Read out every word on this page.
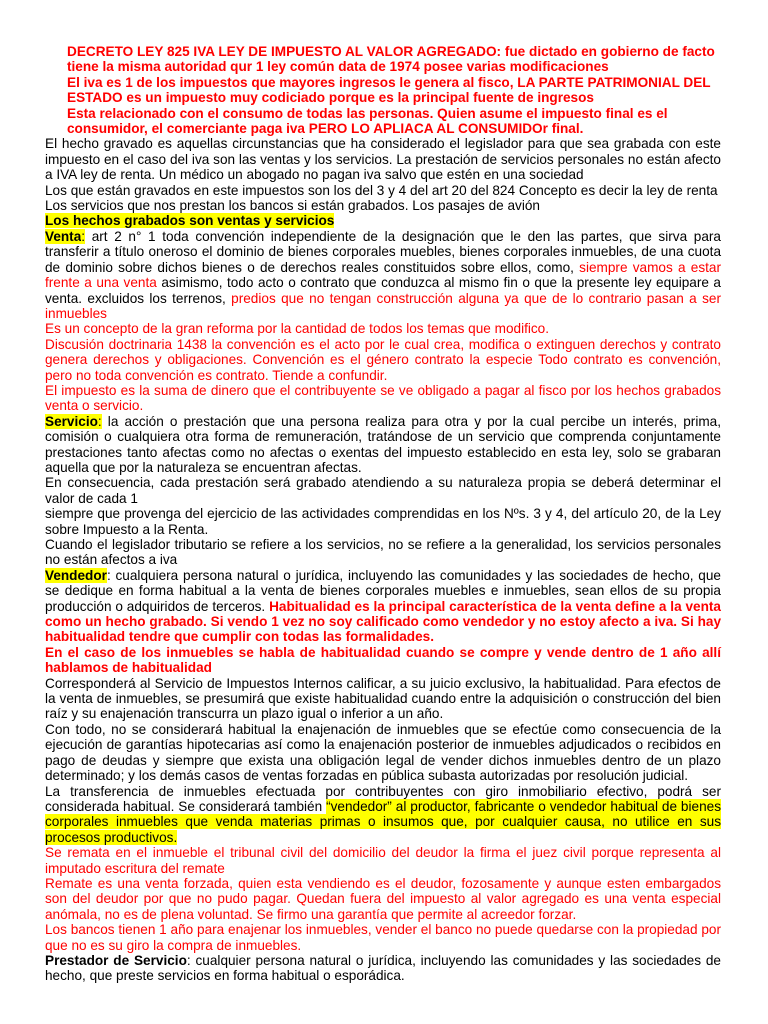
DECRETO LEY 825 IVA LEY DE IMPUESTO AL VALOR AGREGADO: fue dictado en gobierno de facto tiene la misma autoridad qur 1 ley común data de 1974 posee varias modificaciones

El iva es 1 de los impuestos que mayores ingresos le genera al fisco, LA PARTE PATRIMONIAL DEL ESTADO es un impuesto muy codiciado porque es la principal fuente de ingresos

Esta relacionado con el consumo de todas las personas. Quien asume el impuesto final es el consumidor, el comerciante paga iva PERO LO APLIACA AL CONSUMIDOr final.

El hecho gravado es aquellas circunstancias que ha considerado el legislador para que sea grabada con este impuesto en el caso del iva son las ventas y los servicios. La prestación de servicios personales no están afecto a IVA ley de renta. Un médico un abogado no pagan iva salvo que estén en una sociedad

Los que están gravados en este impuestos son los del 3 y 4 del art 20 del 824 Concepto es decir la ley de renta

Los servicios que nos prestan los bancos si están grabados. Los pasajes de avión

Los hechos grabados son ventas y servicios

Venta: art 2 n° 1 toda convención independiente de la designación que le den las partes, que sirva para transferir a título oneroso el dominio de bienes corporales muebles, bienes corporales inmuebles, de una cuota de dominio sobre dichos bienes o de derechos reales constituidos sobre ellos, como, siempre vamos a estar frente a una venta asimismo, todo acto o contrato que conduzca al mismo fin o que la presente ley equipare a venta. excluidos los terrenos, predios que no tengan construcción alguna ya que de lo contrario pasan a ser inmuebles

Es un concepto de la gran reforma por la cantidad de todos los temas que modifico.

Discusión doctrinaria 1438 la convención es el acto por le cual crea, modifica o extinguen derechos y contrato genera derechos y obligaciones. Convención es el género contrato la especie Todo contrato es convención, pero no toda convención es contrato. Tiende a confundir.

El impuesto es la suma de dinero que el contribuyente se ve obligado a pagar al fisco por los hechos grabados venta o servicio.

Servicio: la acción o prestación que una persona realiza para otra y por la cual percibe un interés, prima, comisión o cualquiera otra forma de remuneración, tratándose de un servicio que comprenda conjuntamente prestaciones tanto afectas como no afectas o exentas del impuesto establecido en esta ley, solo se grabaran aquella que por la naturaleza se encuentran afectas.

En consecuencia, cada prestación será grabado atendiendo a su naturaleza propia se deberá determinar el valor de cada 1

siempre que provenga del ejercicio de las actividades comprendidas en los Nºs. 3 y 4, del artículo 20, de la Ley sobre Impuesto a la Renta.

Cuando el legislador tributario se refiere a los servicios, no se refiere a la generalidad, los servicios personales no están afectos a iva

Vendedor: cualquiera persona natural o jurídica, incluyendo las comunidades y las sociedades de hecho, que se dedique en forma habitual a la venta de bienes corporales muebles e inmuebles, sean ellos de su propia producción o adquiridos de terceros. Habitualidad es la principal característica de la venta define a la venta como un hecho grabado. Si vendo 1 vez no soy calificado como vendedor y no estoy afecto a iva. Si hay habitualidad tendre que cumplir con todas las formalidades.

En el caso de los inmuebles se habla de habitualidad cuando se compre y vende dentro de 1 año allí hablamos de habitualidad

Corresponderá al Servicio de Impuestos Internos calificar, a su juicio exclusivo, la habitualidad. Para efectos de la venta de inmuebles, se presumirá que existe habitualidad cuando entre la adquisición o construcción del bien raíz y su enajenación transcurra un plazo igual o inferior a un año.

Con todo, no se considerará habitual la enajenación de inmuebles que se efectúe como consecuencia de la ejecución de garantías hipotecarias así como la enajenación posterior de inmuebles adjudicados o recibidos en pago de deudas y siempre que exista una obligación legal de vender dichos inmuebles dentro de un plazo determinado; y los demás casos de ventas forzadas en pública subasta autorizadas por resolución judicial.

La transferencia de inmuebles efectuada por contribuyentes con giro inmobiliario efectivo, podrá ser considerada habitual. Se considerará también “vendedor” al productor, fabricante o vendedor habitual de bienes corporales inmuebles que venda materias primas o insumos que, por cualquier causa, no utilice en sus procesos productivos.

Se remata en el inmueble el tribunal civil del domicilio del deudor la firma el juez civil porque representa al imputado escritura del remate

Remate es una venta forzada, quien esta vendiendo es el deudor, fozosamente y aunque esten embargados son del deudor por que no pudo pagar. Quedan fuera del impuesto al valor agregado es una venta especial anómala, no es de plena voluntad. Se firmo una garantía que permite al acreedor forzar.

Los bancos tienen 1 año para enajenar los inmuebles, vender el banco no puede quedarse con la propiedad por que no es su giro la compra de inmuebles.

Prestador de Servicio: cualquier persona natural o jurídica, incluyendo las comunidades y las sociedades de hecho, que preste servicios en forma habitual o esporádica.
